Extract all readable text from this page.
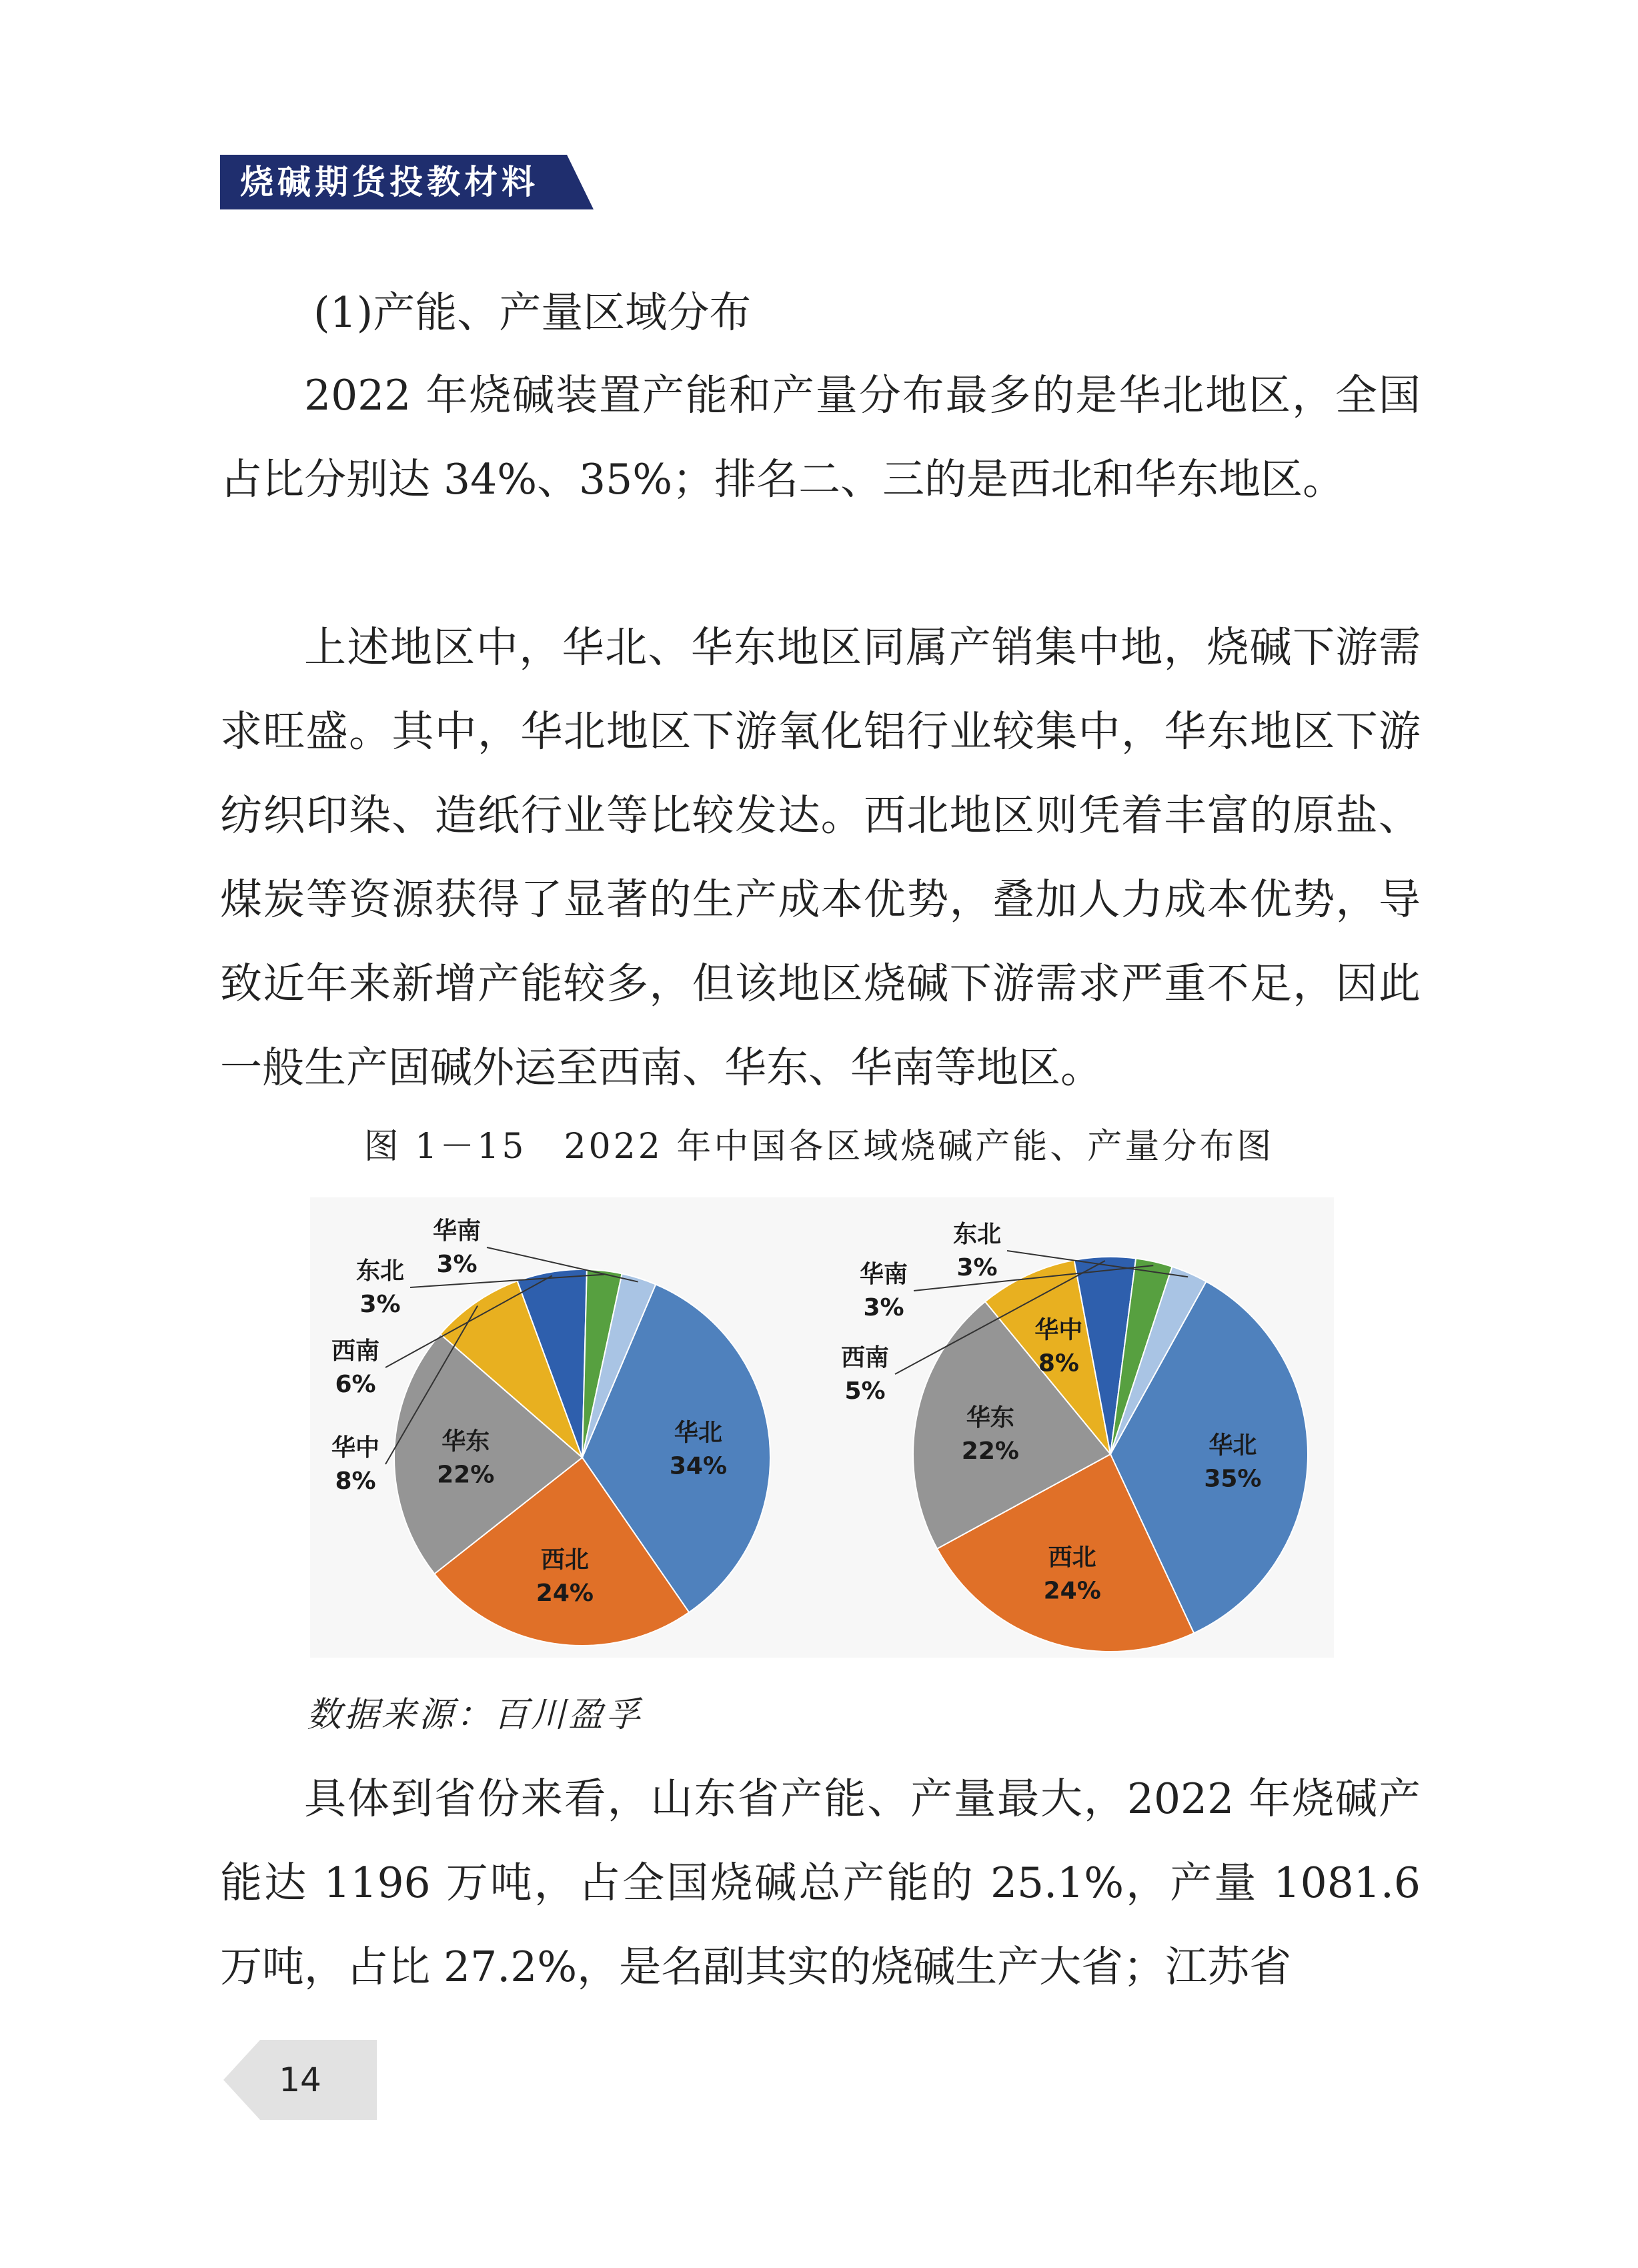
烧碱期货投教材料
(1)产能、产量区域分布

2022 年烧碱装置产能和产量分布最多的是华北地区，全国占比分别达 34%、35%；排名二、三的是西北和华东地区。

上述地区中，华北、华东地区同属产销集中地，烧碱下游需求旺盛。其中，华北地区下游氧化铝行业较集中，华东地区下游纺织印染、造纸行业等比较发达。西北地区则凭着丰富的原盐、煤炭等资源获得了显著的生产成本优势，叠加人力成本优势，导致近年来新增产能较多，但该地区烧碱下游需求严重不足，因此一般生产固碱外运至西南、华东、华南等地区。

图 1－15　2022 年中国各区域烧碱产能、产量分布图
华北
34%
西北
24%
华东
22%
华中
8%
西南
6%
东北
3%
华南
3%
华北
35%
西北
24%
华东
22%
华中
8%
西南
5%
华南
3%
东北
3%
数据来源：百川盈孚

具体到省份来看，山东省产能、产量最大，2022 年烧碱产能达 1196 万吨，占全国烧碱总产能的 25.1%，产量 1081.6 万吨，占比 27.2%，是名副其实的烧碱生产大省；江苏省

14
